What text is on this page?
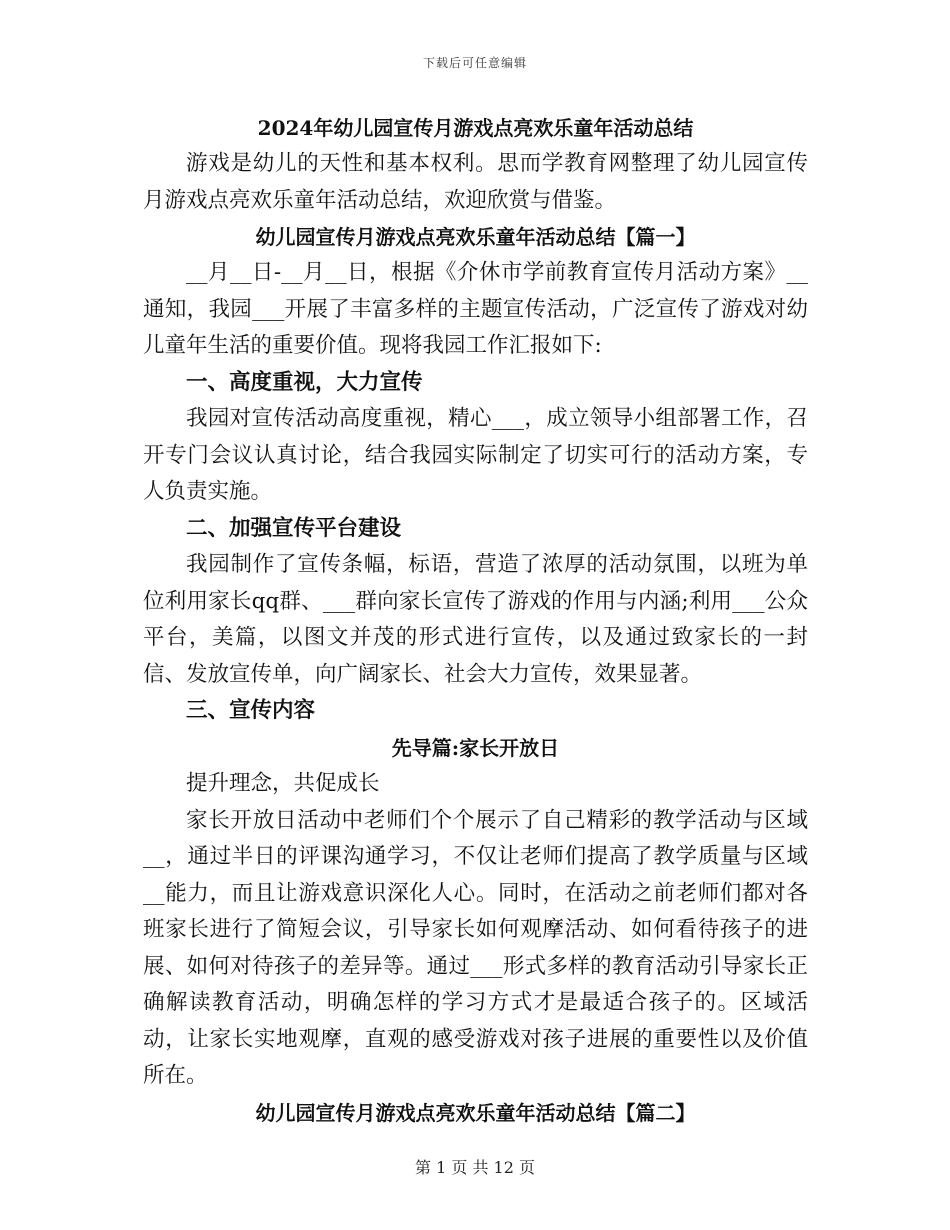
下载后可任意编辑
2024年幼儿园宣传月游戏点亮欢乐童年活动总结

游戏是幼儿的天性和基本权利。思而学教育网整理了幼儿园宣传月游戏点亮欢乐童年活动总结，欢迎欣赏与借鉴。

幼儿园宣传月游戏点亮欢乐童年活动总结【篇一】

__月__日-__月__日，根据《介休市学前教育宣传月活动方案》__通知，我园___开展了丰富多样的主题宣传活动，广泛宣传了游戏对幼儿童年生活的重要价值。现将我园工作汇报如下:

一、高度重视，大力宣传

我园对宣传活动高度重视，精心___，成立领导小组部署工作，召开专门会议认真讨论，结合我园实际制定了切实可行的活动方案，专人负责实施。

二、加强宣传平台建设

我园制作了宣传条幅，标语，营造了浓厚的活动氛围，以班为单位利用家长qq群、___群向家长宣传了游戏的作用与内涵;利用___公众平台，美篇，以图文并茂的形式进行宣传，以及通过致家长的一封信、发放宣传单，向广阔家长、社会大力宣传，效果显著。

三、宣传内容
先导篇:家长开放日
提升理念，共促成长

家长开放日活动中老师们个个展示了自己精彩的教学活动与区域__，通过半日的评课沟通学习，不仅让老师们提高了教学质量与区域__能力，而且让游戏意识深化人心。同时，在活动之前老师们都对各班家长进行了简短会议，引导家长如何观摩活动、如何看待孩子的进展、如何对待孩子的差异等。通过___形式多样的教育活动引导家长正确解读教育活动，明确怎样的学习方式才是最适合孩子的。区域活动，让家长实地观摩，直观的感受游戏对孩子进展的重要性以及价值所在。

幼儿园宣传月游戏点亮欢乐童年活动总结【篇二】
第 1 页 共 12 页
